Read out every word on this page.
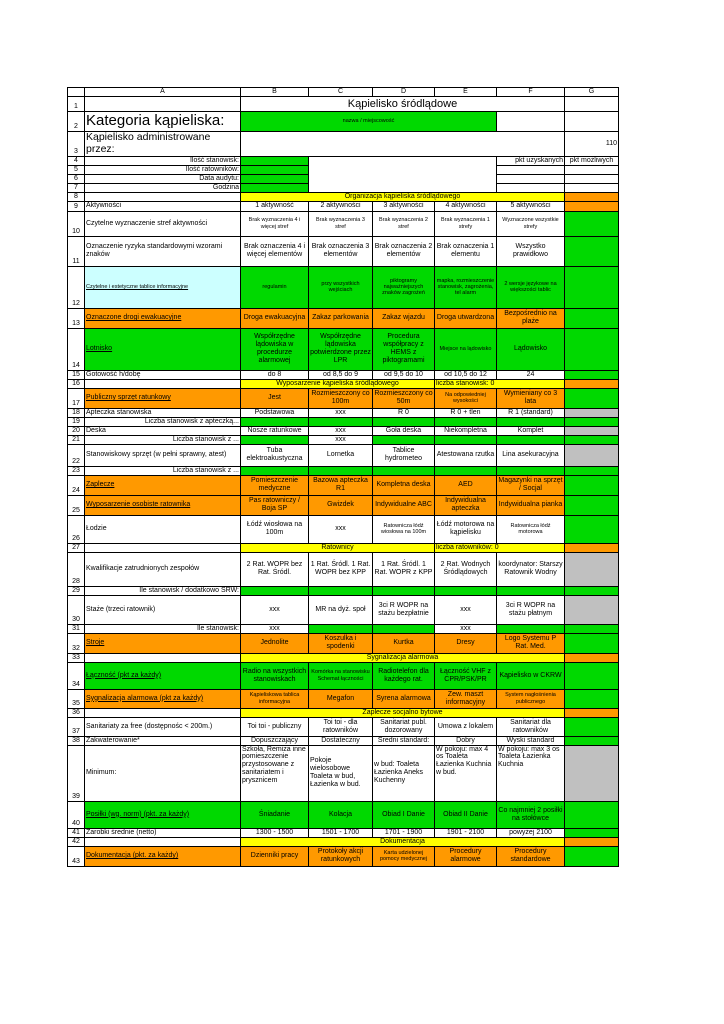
	A	B	C	D	E	F	G
1		Kąpielisko śródlądowe					
2	Kategoria kąpieliska:	nazwa / miejscowość					
3	Kąpielisko administrowane przez:						110
4	Ilość stanowisk:					pkt uzyskanych	pkt możliwych
5	Ilość ratowników:						
6	Data audytu:						
7	Godzina						
8		Organizacja kąpieliska śródlądowego					
9	Aktywności	1 aktywność	2 aktywności	3 aktywności	4 aktywności	5 aktywności	
10	Czytelne wyznaczenie stref aktywności	Brak wyznaczenia 4 i więcej stref	Brak wyznaczenia 3 stref	Brak wyznaczenia 2 stref	Brak wyznaczenia 1 strefy	Wyznaczone wszystkie strefy	
11	Oznaczenie ryzyka standardowymi wzorami znaków	Brak oznaczenia 4 i więcej elementów	Brak oznaczenia 3 elementów	Brak oznaczenia 2 elementów	Brak oznaczenia 1 elementu	Wszystko prawidłowo	
12	Czytelne i estetyczne tablice informacyjne	regulamin	przy wszystkich wejściach	piktogramy najważniejszych znaków zagrożeń	mapka, rozmieszczenie stanowisk, zagrożenia, tel alarm	2 wersje językowe na większości tablic	
13	Oznaczone drogi ewakuacyjne	Droga ewakuacyjna	Zakaz parkowania	Zakaz wjazdu	Droga utwardzona	Bezpośrednio na plaże	
14	Lotnisko	Współrzędne lądowiska w procedurze alarmowej	Współrzędne lądowiska potwierdzone przez LPR	Procedura współpracy z HEMS z piktogramami	Miejsce na lądowisko	Lądowisko	
15	Gotowość h/dobę	do 8	od 8,5 do 9	od 9,5 do 10	od 10,5 do 12	24	
16		Wyposarzenie kąpieliska śródlądowego			liczba stanowisk: 0		
17	Publiczny sprzęt ratunkowy	Jest	Rozmieszczony co 100m	Rozmieszczony co 50m	Na odpowiedniej wysokości	Wymieniany co 3 lata	
18	Apteczka stanowiska	Podstawowa	xxx	R 0	R 0 + tlen	R 1 (standard)	
19	Liczba stanowisk z apteczką...						
20	Deska	Nosze ratunkowe	xxx	Goła deska	Niekompletna	Komplet	
21	Liczba stanowisk z ...		xxx				
22	Stanowiskowy sprzęt (w pełni sprawny, atest)	Tuba elektroakustyczna	Lornetka	Tablice hydrometeo	Atestowana rzutka	Lina asekuracyjna	
23	Liczba stanowisk z ...						
24	Zaplecze	Pomieszczenie medyczne	Bazowa apteczka R1	Kompletna deska	AED	Magazynki na sprzęt / Socjal	
25	Wyposarzenie osobiste ratownika	Pas ratowniczy / Boja SP	Gwizdek	Indywidualne ABC	Indywidualna apteczka	Indywidualna pianka	
26	Łodzie	Łódź wiosłowa na 100m	xxx	Ratownicza łódź wiosłowa na 100m	Łódź motorowa na kąpielisku	Ratownicza łódź motorowa	
27		Ratownicy			liczba ratowników: 0		
28	Kwalifikacje zatrudnionych zespołów	2 Rat. WOPR bez Rat. Śródl.	1 Rat. Śródl. 1 Rat. WOPR bez KPP	1 Rat. Śródl. 1 Rat. WOPR z KPP	2 Rat. Wodnych Śródlądowych	koordynator: Starszy Ratownik Wodny	
29	Ile stanowisk / dodatkowo SRW:						
30	Staże (trzeci ratownik)	xxx	MR na dyż. społ	3ci R WOPR na stażu bezpłatnie	xxx	3ci R WOPR na stażu płatnym	
31	Ile stanowisk:	xxx			xxx		
32	Stroje	Jednolite	Koszulka i spodenki	Kurtka	Dresy	Logo Systemu P Rat. Med.	
33		Sygnalizacja alarmowa					
34	Łączność (pkt za każdy)	Radio na wszystkich stanowiskach	Komórka na stanowisku Schemat łączności	Radiotelefon dla każdego rat.	Łączność VHF z CPR/PSK/PR	Kąpielisko w CKRW	
35	Sygnalizacja alarmowa (pkt za każdy)	Kąpieliskowa tablica informacyjna	Megafon	Syrena alarmowa	Zew. maszt informacyjny	System nagłośnienia publicznego	
36		Zaplecze socjalno bytowe					
37	Sanitariaty za free (dostępnośc < 200m.)	Toi toi - publiczny	Toi toi - dla ratowników	Sanitariat publ. dozorowany	Umowa z lokalem	Sanitariat dla ratowników	
38	Zakwaterowanie*	Dopuszczający	Dostateczny	Średni standard:	Dobry	Wyski standard	
39	Minimum:	Szkoła, Remiza inne pomieszczenie przystosowane z sanitariatem i prysznicem	Pokoje wielosobowe Toaleta w bud, Łazienka w bud.	w bud: Toaleta Łazienka Aneks Kuchenny	W pokoju: max 4 os Toaleta Łazienka Kuchnia w bud.	W pokoju: max 3 os Toaleta Łazienka Kuchnia	
40	Posiłki (wg. norm) (pkt. za każdy)	Śniadanie	Kolacja	Obiad I Danie	Obiad II Danie	Co najmniej 2 posiłki na stołówce	
41	Zarobki średnie (netto)	1300 - 1500	1501 - 1700	1701 - 1900	1901 - 2100	powyżej 2100	
42		Dokumentacja					
43	Dokumentacja (pkt. za każdy)	Dzienniki pracy	Protokoły akcji ratunkowych	Karta udzielonej pomocy medycznej	Procedury alarmowe	Procedury standardowe	
